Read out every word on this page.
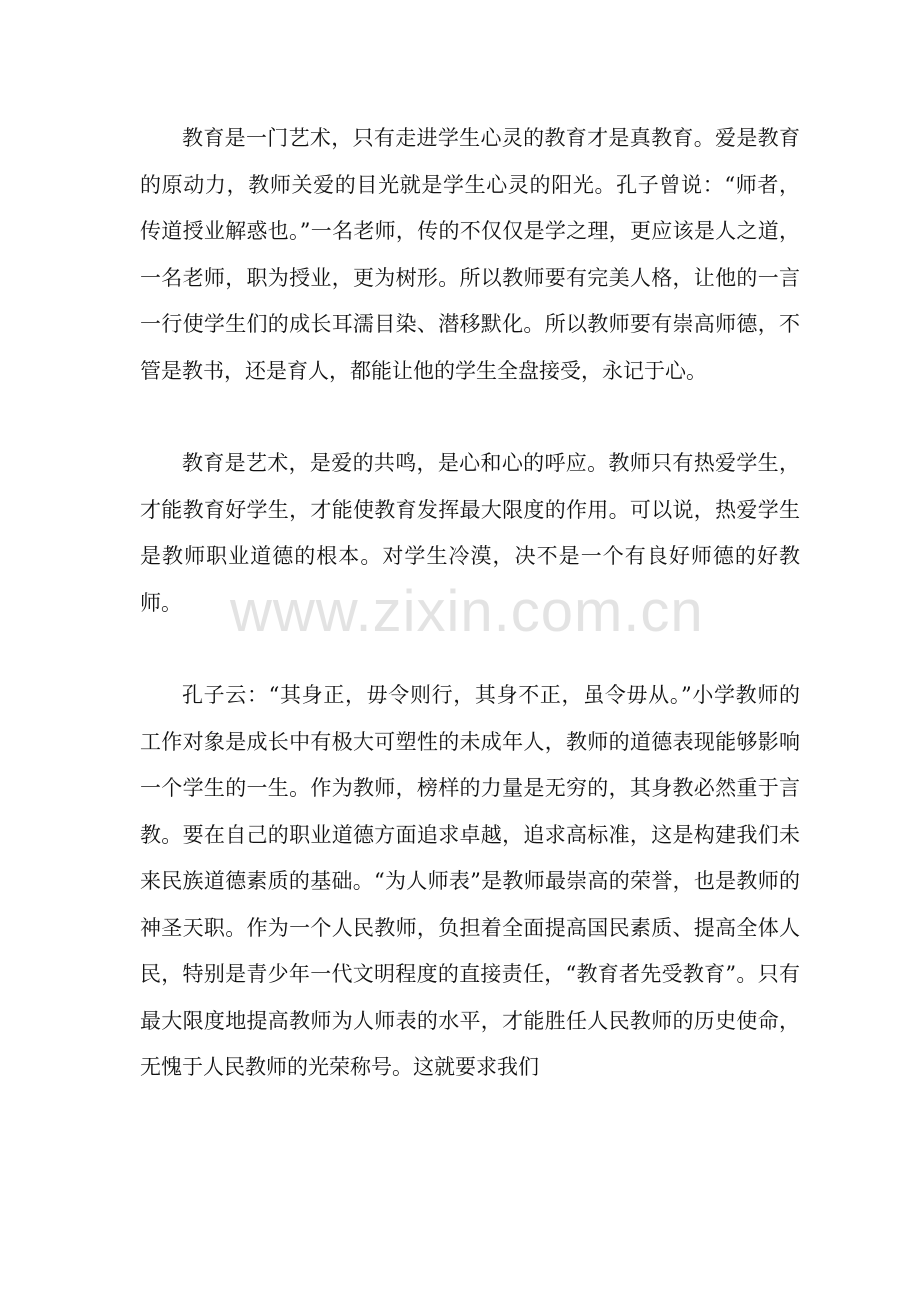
教育是一门艺术，只有走进学生心灵的教育才是真教育。爱是教育的原动力，教师关爱的目光就是学生心灵的阳光。孔子曾说：“师者，传道授业解惑也。”一名老师，传的不仅仅是学之理，更应该是人之道，一名老师，职为授业，更为树形。所以教师要有完美人格，让他的一言一行使学生们的成长耳濡目染、潜移默化。所以教师要有崇高师德，不管是教书，还是育人，都能让他的学生全盘接受，永记于心。

教育是艺术，是爱的共鸣，是心和心的呼应。教师只有热爱学生，才能教育好学生，才能使教育发挥最大限度的作用。可以说，热爱学生是教师职业道德的根本。对学生冷漠，决不是一个有良好师德的好教师。

孔子云：“其身正，毋令则行，其身不正，虽令毋从。”小学教师的工作对象是成长中有极大可塑性的未成年人，教师的道德表现能够影响一个学生的一生。作为教师，榜样的力量是无穷的，其身教必然重于言教。要在自己的职业道德方面追求卓越，追求高标准，这是构建我们未来民族道德素质的基础。“为人师表”是教师最崇高的荣誉，也是教师的神圣天职。作为一个人民教师，负担着全面提高国民素质、提高全体人民，特别是青少年一代文明程度的直接责任，“教育者先受教育”。只有最大限度地提高教师为人师表的水平，才能胜任人民教师的历史使命，无愧于人民教师的光荣称号。这就要求我们

www.zixin.com.cn
